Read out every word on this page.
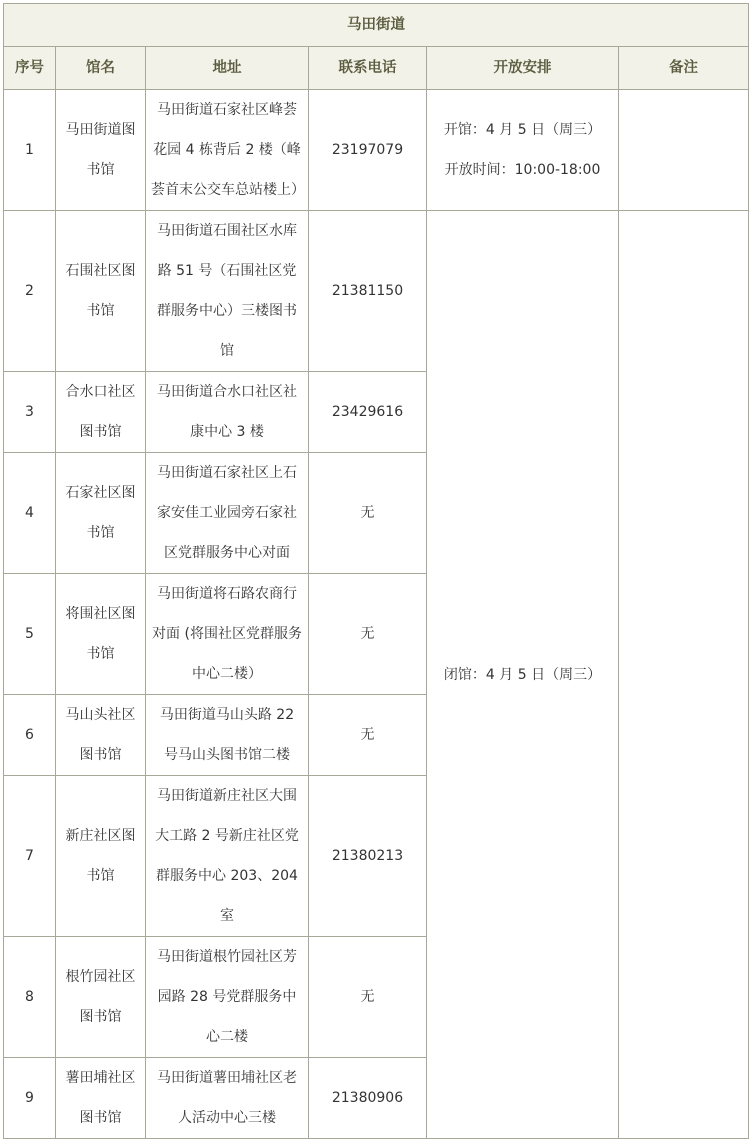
马田街道					
序号	馆名	地址	联系电话	开放安排	备注
1	马田街道图书馆	马田街道石家社区峰荟花园 4 栋背后 2 楼（峰荟首末公交车总站楼上）	23197079	开馆：4 月 5 日（周三）
开放时间：10:00-18:00	

2	石围社区图书馆	马田街道石围社区水库路 51 号（石围社区党群服务中心）三楼图书馆	21381150	闭馆：4 月 5 日（周三）	
3	合水口社区图书馆	马田街道合水口社区社康中心 3 楼	23429616		
4	石家社区图书馆	马田街道石家社区上石家安佳工业园旁石家社区党群服务中心对面	无		
5	将围社区图书馆	马田街道将石路农商行对面 (将围社区党群服务中心二楼）	无		
6	马山头社区图书馆	马田街道马山头路 22 号马山头图书馆二楼	无		
7	新庄社区图书馆	马田街道新庄社区大围大工路 2 号新庄社区党群服务中心 203、204 室	21380213		
8	根竹园社区图书馆	马田街道根竹园社区芳园路 28 号党群服务中心二楼	无		
9	薯田埔社区图书馆	马田街道薯田埔社区老人活动中心三楼	21380906		
